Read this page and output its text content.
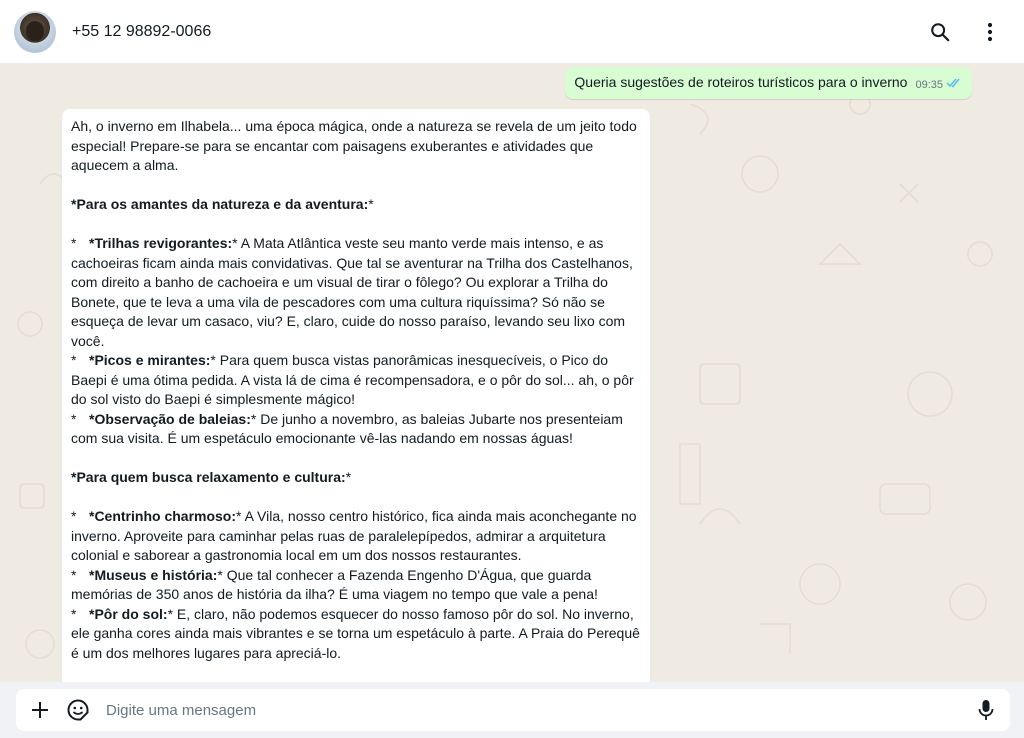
+55 12 98892-0066
Queria sugestões de roteiros turísticos para o inverno 09:35

Ah, o inverno em Ilhabela... uma época mágica, onde a natureza se revela de um jeito todo especial! Prepare-se para se encantar com paisagens exuberantes e atividades que aquecem a alma.

*Para os amantes da natureza e da aventura:*

* *Trilhas revigorantes:* A Mata Atlântica veste seu manto verde mais intenso, e as cachoeiras ficam ainda mais convidativas. Que tal se aventurar na Trilha dos Castelhanos, com direito a banho de cachoeira e um visual de tirar o fôlego? Ou explorar a Trilha do Bonete, que te leva a uma vila de pescadores com uma cultura riquíssima? Só não se esqueça de levar um casaco, viu? E, claro, cuide do nosso paraíso, levando seu lixo com você.

* *Picos e mirantes:* Para quem busca vistas panorâmicas inesquecíveis, o Pico do Baepi é uma ótima pedida. A vista lá de cima é recompensadora, e o pôr do sol... ah, o pôr do sol visto do Baepi é simplesmente mágico!

* *Observação de baleias:* De junho a novembro, as baleias Jubarte nos presenteiam com sua visita. É um espetáculo emocionante vê-las nadando em nossas águas!

*Para quem busca relaxamento e cultura:*

* *Centrinho charmoso:* A Vila, nosso centro histórico, fica ainda mais aconchegante no inverno. Aproveite para caminhar pelas ruas de paralelepípedos, admirar a arquitetura colonial e saborear a gastronomia local em um dos nossos restaurantes.

* *Museus e história:* Que tal conhecer a Fazenda Engenho D'Água, que guarda memórias de 350 anos de história da ilha? É uma viagem no tempo que vale a pena!

* *Pôr do sol:* E, claro, não podemos esquecer do nosso famoso pôr do sol. No inverno, ele ganha cores ainda mais vibrantes e se torna um espetáculo à parte. A Praia do Perequê é um dos melhores lugares para apreciá-lo.

Digite uma mensagem
